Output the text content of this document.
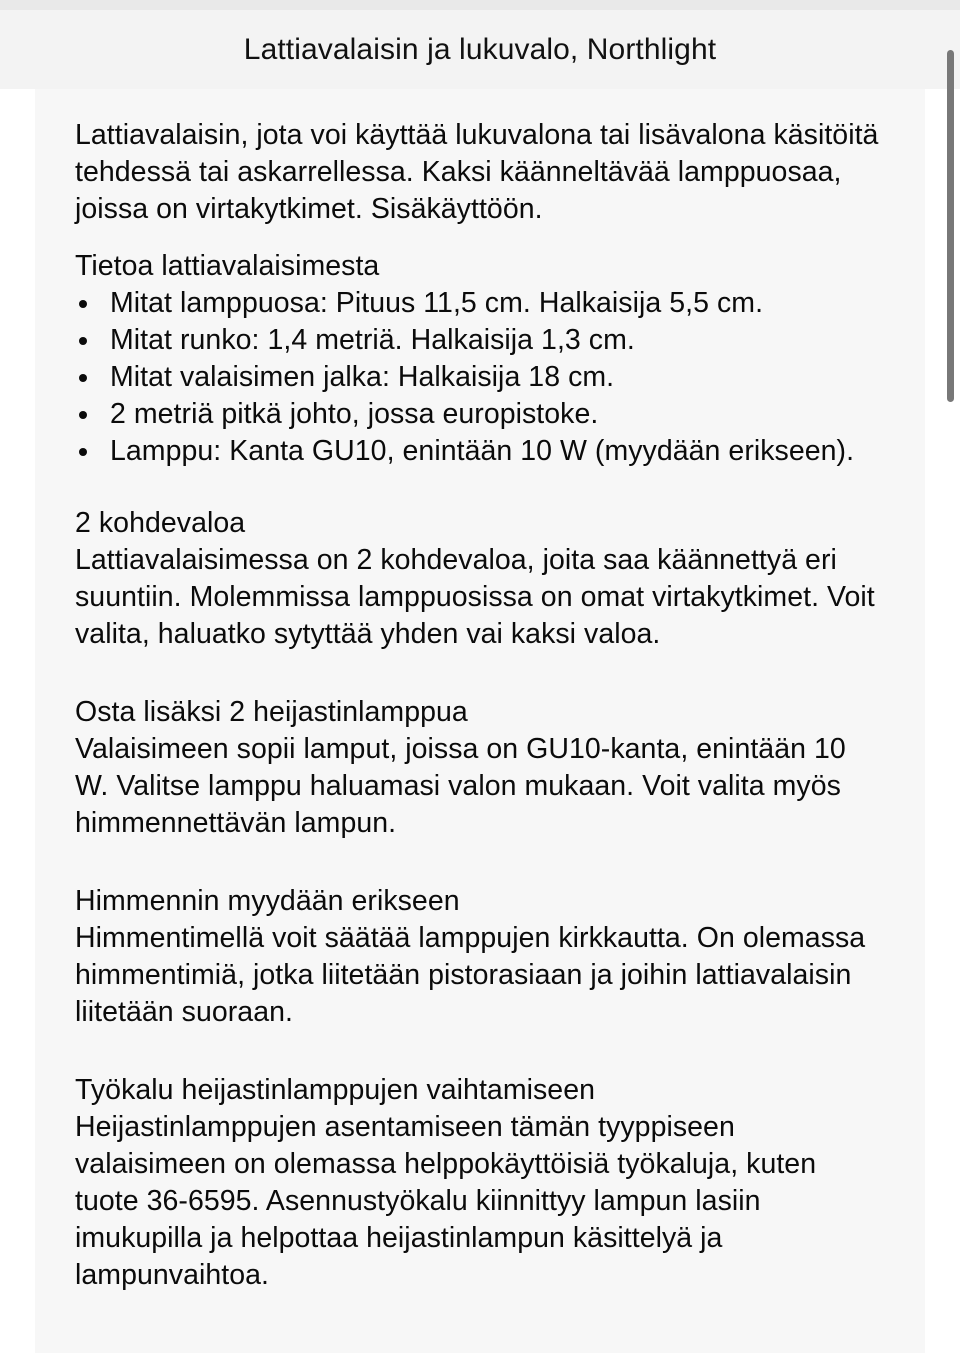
Lattiavalaisin ja lukuvalo, Northlight

Lattiavalaisin, jota voi käyttää lukuvalona tai lisävalona käsitöitä tehdessä tai askarrellessa. Kaksi käänneltävää lamppuosaa, joissa on virtakytkimet. Sisäkäyttöön.

Tietoa lattiavalaisimesta
Mitat lamppuosa: Pituus 11,5 cm. Halkaisija 5,5 cm.
Mitat runko: 1,4 metriä. Halkaisija 1,3 cm.
Mitat valaisimen jalka: Halkaisija 18 cm.
2 metriä pitkä johto, jossa europistoke.
Lamppu: Kanta GU10, enintään 10 W (myydään erikseen).
2 kohdevaloa

Lattiavalaisimessa on 2 kohdevaloa, joita saa käännettyä eri suuntiin. Molemmissa lamppuosissa on omat virtakytkimet. Voit valita, haluatko sytyttää yhden vai kaksi valoa.

Osta lisäksi 2 heijastinlamppua

Valaisimeen sopii lamput, joissa on GU10-kanta, enintään 10 W. Valitse lamppu haluamasi valon mukaan. Voit valita myös himmennettävän lampun.

Himmennin myydään erikseen

Himmentimellä voit säätää lamppujen kirkkautta. On olemassa himmentimiä, jotka liitetään pistorasiaan ja joihin lattiavalaisin liitetään suoraan.

Työkalu heijastinlamppujen vaihtamiseen

Heijastinlamppujen asentamiseen tämän tyyppiseen valaisimeen on olemassa helppokäyttöisiä työkaluja, kuten tuote 36-6595. Asennustyökalu kiinnittyy lampun lasiin imukupilla ja helpottaa heijastinlampun käsittelyä ja lampunvaihtoa.
